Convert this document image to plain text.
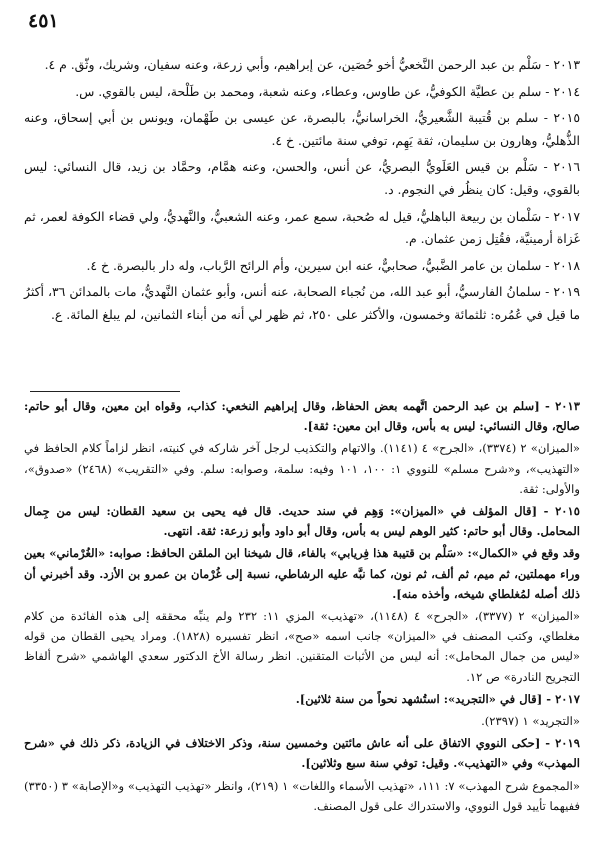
٤٥١

٢٠١٣ - سَلْم بن عبد الرحمن النَّخعيُّ أخو حُصَين، عن إبراهيم، وأبي زرعة، وعنه سفيان، وشريك، وثّق. م ٤.

٢٠١٤ - سلم بن عطيَّة الكوفيُّ، عن طاوس، وعطاء، وعنه شعبة، ومحمد بن طَلْحة، ليس بالقوي. س.

٢٠١٥ - سلم بن قُتيبة الشَّعيريُّ، الخراسانيُّ، بالبصرة، عن عيسى بن طَهْمان، ويونس بن أبي إسحاق، وعنه الذُّهليُّ، وهارون بن سليمان، ثقة يَهِم، توفي سنة مائتين. خ ٤.

٢٠١٦ - سَلْم بن قيس العَلَويُّ البصريُّ، عن أنس، والحسن، وعنه همَّام، وحمَّاد بن زيد، قال النسائي: ليس بالقوي، وقيل: كان ينظُر في النجوم. د.

٢٠١٧ - سَلْمان بن ربيعة الباهليُّ، قيل له صُحبة، سمع عمر، وعنه الشعبيُّ، والنَّهديُّ، ولي قضاء الكوفة لعمر، ثم غَزاة أرمينيَّة، فقُتِل زمن عثمان. م.

٢٠١٨ - سلمان بن عامر الضَّبيُّ، صحابيٌّ، عنه ابن سيرين، وأم الرائح الرَّباب، وله دار بالبصرة. خ ٤.

٢٠١٩ - سلمانُ الفارسيُّ، أبو عبد الله، من نُجباء الصحابة، عنه أنس، وأبو عثمان النَّهديُّ، مات بالمدائن ٣٦، أكثرُ ما قيل في عُمُره: ثلثمائة وخمسون، والأكثر على ٢٥٠، ثم ظهر لي أنه من أبناء الثمانين، لم يبلغ المائة. ع.

٢٠١٣ - [سلم بن عبد الرحمن اتَّهمه بعض الحفاظ، وقال إبراهيم النخعي: كذاب، وقواه ابن معين، وقال أبو حاتم: صالح، وقال النسائي: ليس به بأس، وقال ابن معين: ثقة].

«الميزان» ٢ (٣٣٧٤)، «الجرح» ٤ (١١٤١). والاتهام والتكذيب لرجل آخر شاركه في كنيته، انظر لزاماً كلام الحافظ في «التهذيب»، و«شرح مسلم» للنووي ١: ١٠٠، ١٠١ وفيه: سلمة، وصوابه: سلم. وفي «التقريب» (٢٤٦٨) «صدوق»، والأولى: ثقة.

٢٠١٥ - [قال المؤلف في «الميزان»: وَهِم في سند حديث. قال فيه يحيى بن سعيد القطان: ليس من جِمال المحامل. وقال أبو حاتم: كثير الوهم ليس به بأس، وقال أبو داود وأبو زرعة: ثقة. انتهى.

وقد وقع في «الكمال»: «سَلْم بن قتيبة هذا فِريابي» بالفاء، قال شيخنا ابن الملقن الحافظ: صوابه: «الغُرْماني» بعين وراء مهملتين، ثم ميم، ثم ألف، ثم نون، كما نبَّه عليه الرشاطي، نسبة إلى غُرْمان بن عمرو بن الأزد. وقد أخبرني أن ذلك أصله لمُغلطاي شيخه، وأخذه منه].

«الميزان» ٢ (٣٣٧٧)، «الجرح» ٤ (١١٤٨)، «تهذيب» المزي ١١: ٢٣٢ ولم ينبِّه محققه إلى هذه الفائدة من كلام مغلطاي، وكتب المصنف في «الميزان» جانب اسمه «صح»، انظر تفسيره (١٨٢٨). ومراد يحيى القطان من قوله «ليس من جمال المحامل»: أنه ليس من الأثبات المتقنين. انظر رسالة الأخ الدكتور سعدي الهاشمي «شرح ألفاظ التجريح النادرة» ص ١٢.

٢٠١٧ - [قال في «التجريد»: استُشهد نحواً من سنة ثلاثين].

«التجريد» ١ (٢٣٩٧).

٢٠١٩ - [حكى النووي الاتفاق على أنه عاش مائتين وخمسين سنة، وذكر الاختلاف في الزيادة، ذكر ذلك في «شرح المهذب» وفي «التهذيب». وقيل: توفي سنة سبع وثلاثين].

«المجموع شرح المهذب» ٧: ١١١، «تهذيب الأسماء واللغات» ١ (٢١٩)، وانظر «تهذيب التهذيب» و«الإصابة» ٣ (٣٣٥٠) ففيهما تأييد قول النووي، والاستدراك على قول المصنف.
